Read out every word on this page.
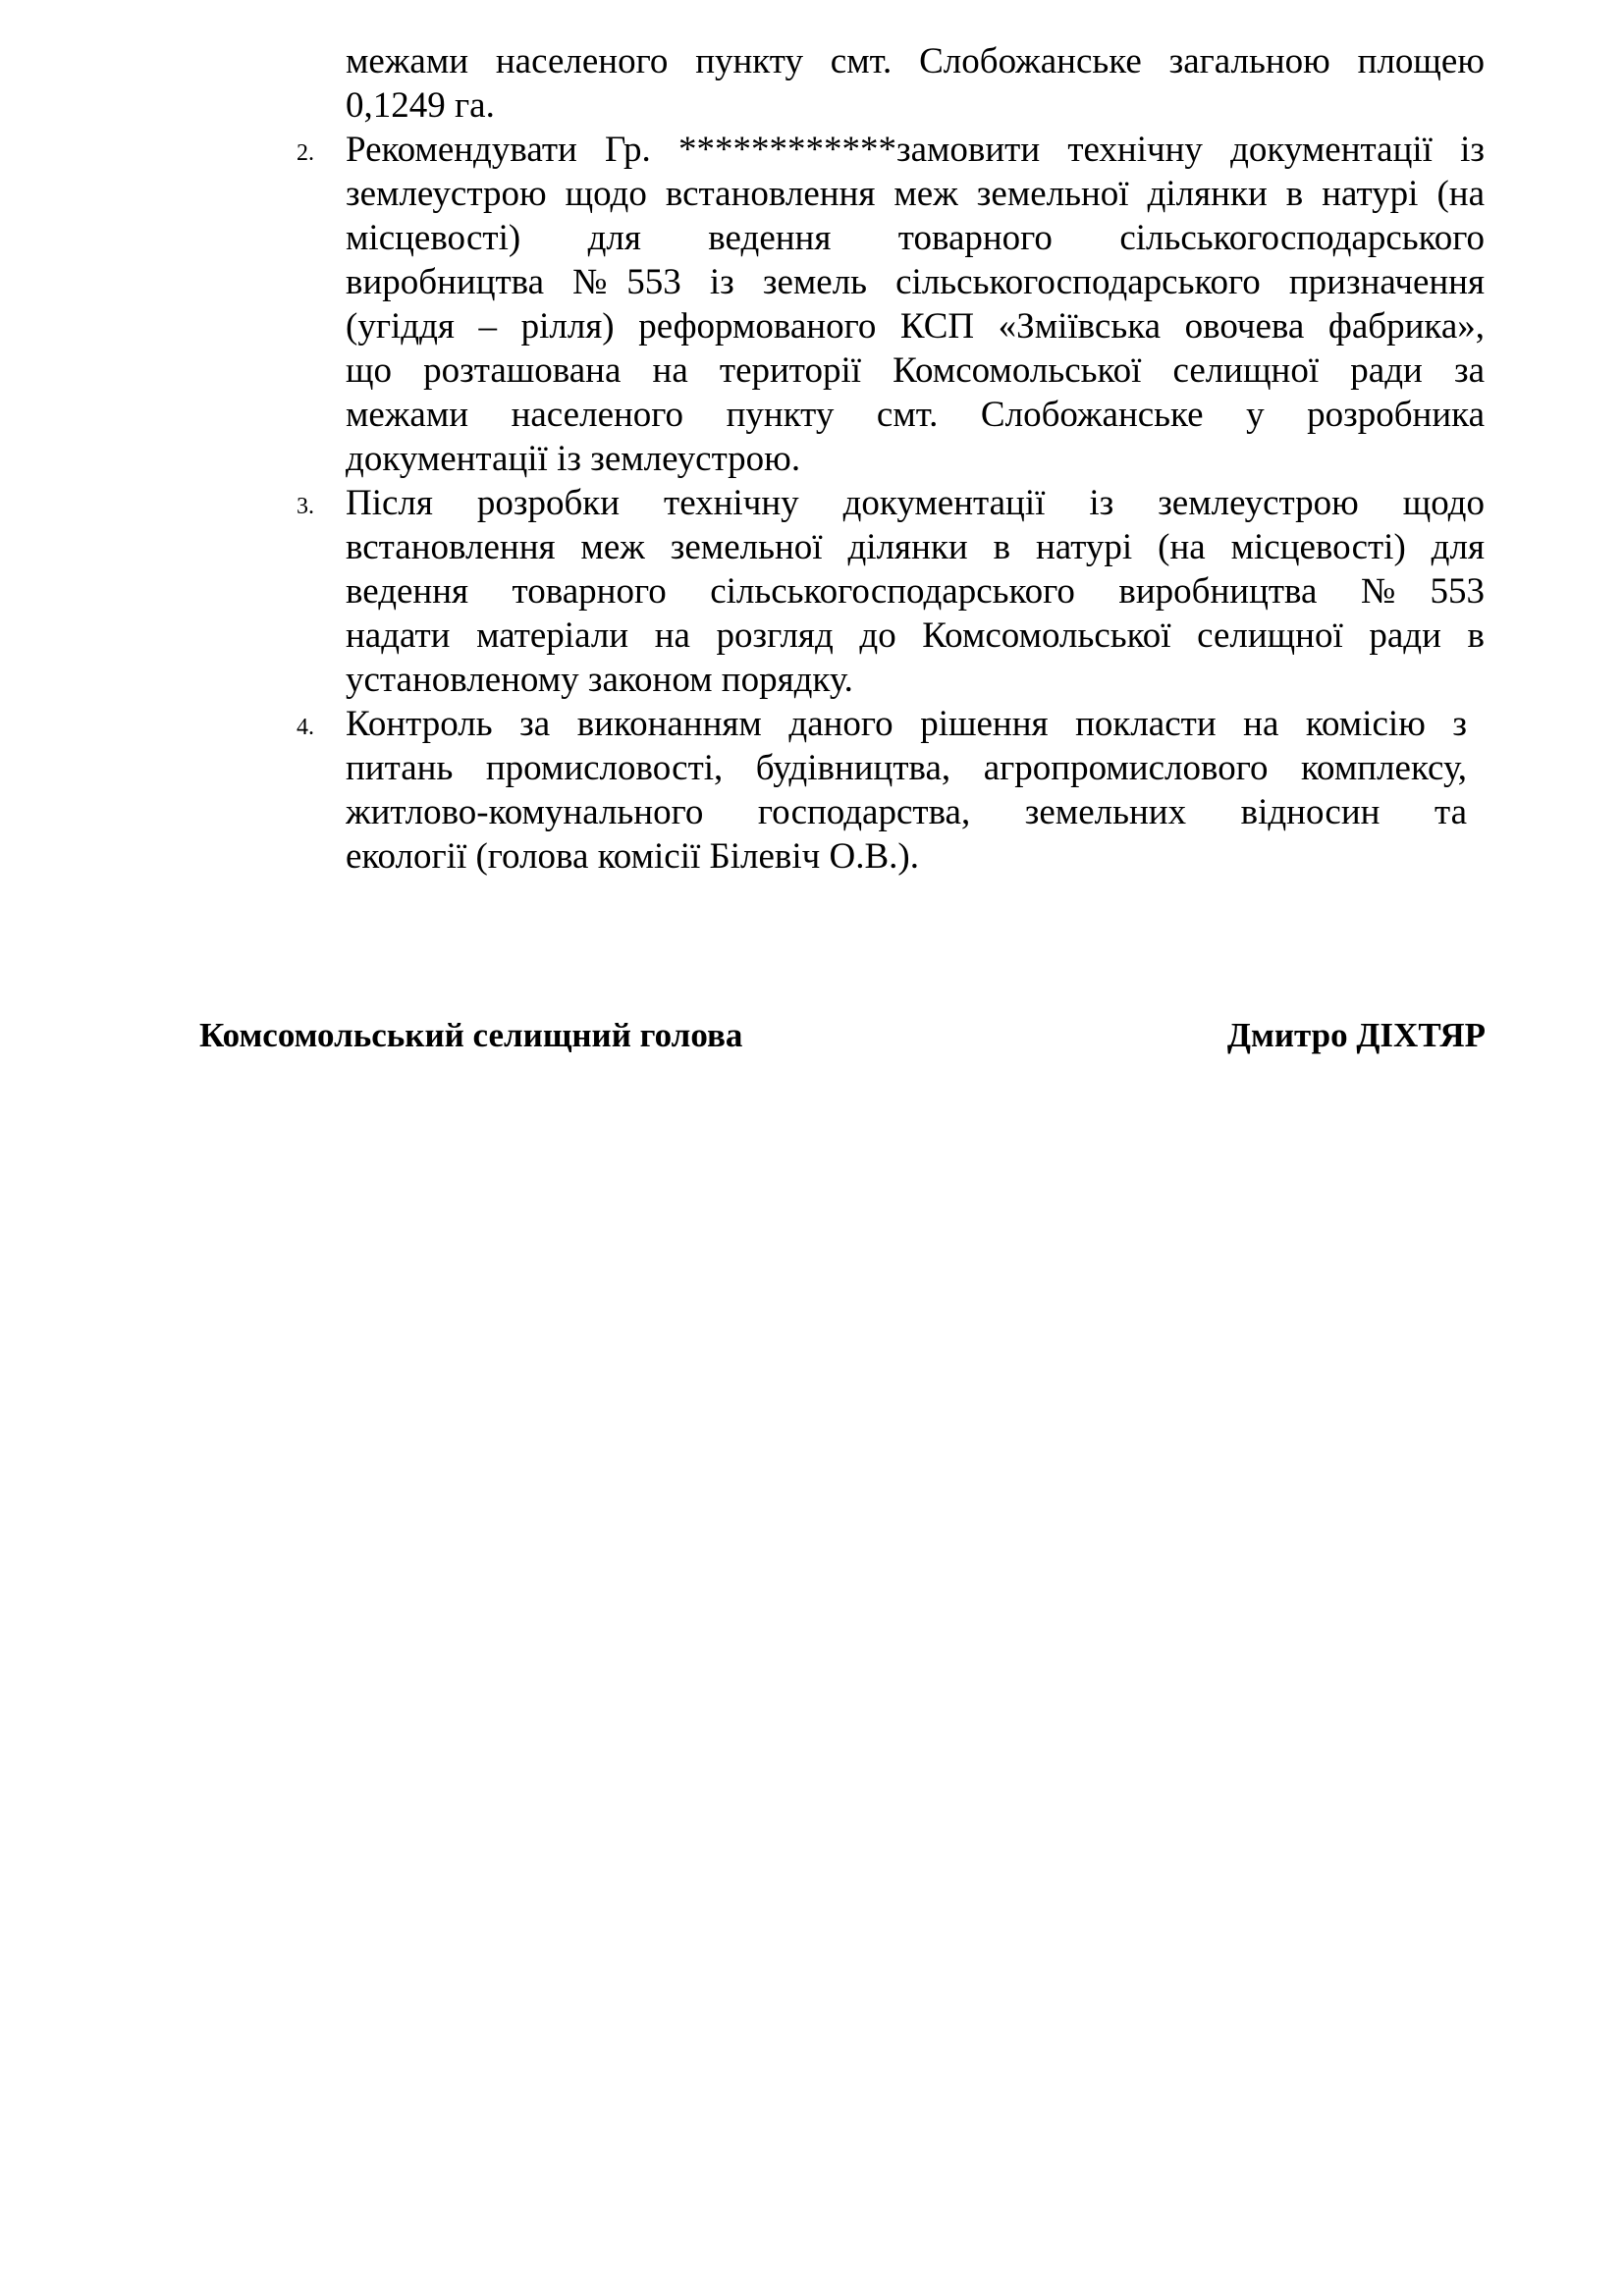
межами населеного пункту смт. Слобожанське загальною площею
0,1249 га.
2. Рекомендувати Гр. ************замовити технічну документації із
землеустрою щодо встановлення меж земельної ділянки в натурі (на
місцевості) для ведення товарного сільськогосподарського
виробництва №553 із земель сільськогосподарського призначення
(угіддя – рілля) реформованого КСП «Зміївська овочева фабрика»,
що розташована на території Комсомольської селищної ради за
межами населеного пункту смт. Слобожанське у розробника
документації із землеустрою.
3. Після розробки технічну документації із землеустрою щодо
встановлення меж земельної ділянки в натурі (на місцевості) для
ведення товарного сільськогосподарського виробництва №553
надати матеріали на розгляд до Комсомольської селищної ради в
установленому законом порядку.
4. Контроль за виконанням даного рішення покласти на комісію з
питань промисловості, будівництва, агропромислового комплексу,
житлово-комунального господарства, земельних відносин та
екології (голова комісії Білевіч О.В.).
Комсомольський селищний голова	Дмитро ДІХТЯР
